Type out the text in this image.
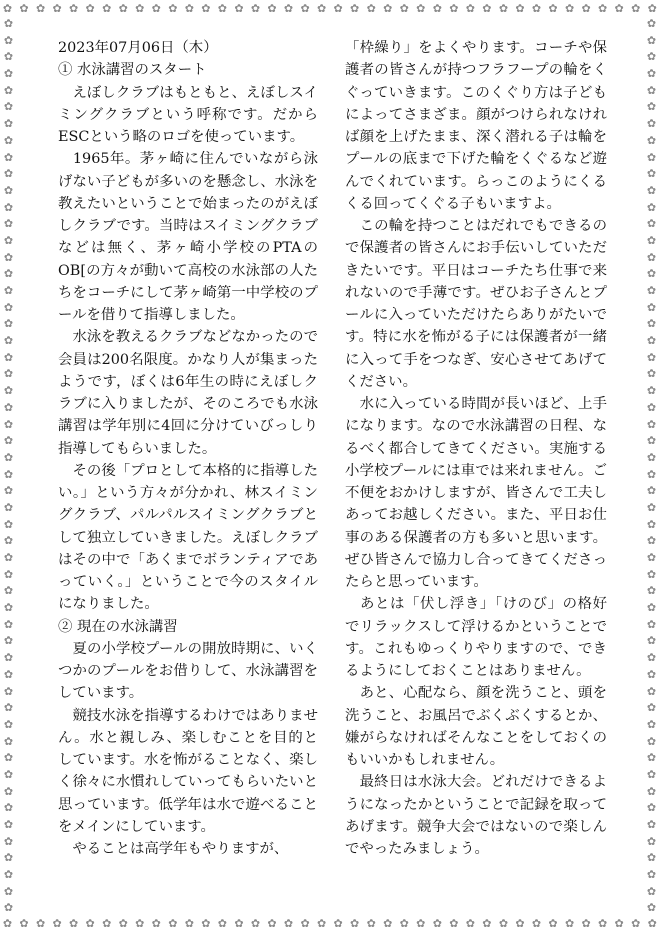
✿ ✿ ✿ ✿ ✿ ✿ ✿ ✿ ✿ ✿ ✿ ✿ ✿ ✿ ✿ ✿ ✿ ✿ ✿ ✿ ✿ ✿ ✿ ✿ ✿ ✿ ✿ ✿ ✿ ✿ ✿ ✿ ✿ ✿ ✿ ✿ ✿ ✿ ✿ ✿
✿ ✿ ✿ ✿ ✿ ✿ ✿ ✿ ✿ ✿ ✿ ✿ ✿ ✿ ✿ ✿ ✿ ✿ ✿ ✿ ✿ ✿ ✿ ✿ ✿ ✿ ✿ ✿ ✿ ✿ ✿ ✿ ✿ ✿ ✿ ✿ ✿ ✿ ✿ ✿
✿
✿
✿
✿
✿
✿
✿
✿
✿
✿
✿
✿
✿
✿
✿
✿
✿
✿
✿
✿
✿
✿
✿
✿
✿
✿
✿
✿
✿
✿
✿
✿
✿
✿
✿
✿
✿
✿
✿
✿
✿
✿
✿
✿
✿
✿
✿
✿
✿
✿
✿
✿
✿
✿
✿
✿
✿
✿
✿
✿
✿
✿
✿
✿
✿
✿
✿
✿
✿
✿
✿
✿
✿
✿
✿
✿
✿
✿
✿
✿
✿
✿
✿
✿
✿
✿
✿
✿
✿
✿
✿
✿
✿
✿
✿
✿
✿
✿
✿
✿
✿
✿
✿
✿
✿
✿
✿
✿

2023年07月06日（木）

① 水泳講習のスタート

　えぼしクラブはもともと、えぼしスイミングクラブという呼称です。だからESCという略のロゴを使っています。

　1965年。茅ヶ崎に住んでいながら泳げない子どもが多いのを懸念し、水泳を教えたいということで始まったのがえぼしクラブです。当時はスイミングクラブなどは無く、茅ヶ崎小学校のPTAのOB[の方々が動いて高校の水泳部の人たちをコーチにして茅ヶ崎第一中学校のプールを借りて指導しました。

　水泳を教えるクラブなどなかったので会員は200名限度。かなり人が集まったようです，ぼくは6年生の時にえぼしクラブに入りましたが、そのころでも水泳講習は学年別に4回に分けていびっしり指導してもらいました。

　その後「プロとして本格的に指導したい。」という方々が分かれ、林スイミングクラブ、パルパルスイミングクラブとして独立していきました。えぼしクラブはその中で「あくまでボランティアであっていく。」ということで今のスタイルになりました。

② 現在の水泳講習

　夏の小学校プールの開放時期に、いくつかのプールをお借りして、水泳講習をしています。

　競技水泳を指導するわけではありません。水と親しみ、楽しむことを目的としています。水を怖がることなく、楽しく徐々に水慣れしていってもらいたいと思っています。低学年は水で遊べることをメインにしています。

　やることは高学年もやりますが、

「枠繰り」をよくやります。コーチや保護者の皆さんが持つフラフープの輪をくぐっていきます。このくぐり方は子どもによってさまざま。顔がつけられなければ顔を上げたまま、深く潜れる子は輪をプールの底まで下げた輪をくぐるなど遊んでくれています。らっこのようにくるくる回ってくぐる子もいますよ。

　この輪を持つことはだれでもできるので保護者の皆さんにお手伝いしていただきたいです。平日はコーチたち仕事で来れないので手薄です。ぜひお子さんとプールに入っていただけたらありがたいです。特に水を怖がる子には保護者が一緒に入って手をつなぎ、安心させてあげてください。

　水に入っている時間が長いほど、上手になります。なので水泳講習の日程、なるべく都合してきてください。実施する小学校プールには車では来れません。ご不便をおかけしますが、皆さんで工夫しあってお越しください。また、平日お仕事のある保護者の方も多いと思います。ぜひ皆さんで協力し合ってきてくださったらと思っています。

　あとは「伏し浮き」「けのび」の格好でリラックスして浮けるかということです。これもゆっくりやりますので、できるようにしておくことはありません。

　あと、心配なら、顔を洗うこと、頭を洗うこと、お風呂でぶくぶくするとか、嫌がらなければそんなことをしておくのもいいかもしれません。

　最終日は水泳大会。どれだけできるようになったかということで記録を取ってあげます。競争大会ではないので楽しんでやったみましょう。
